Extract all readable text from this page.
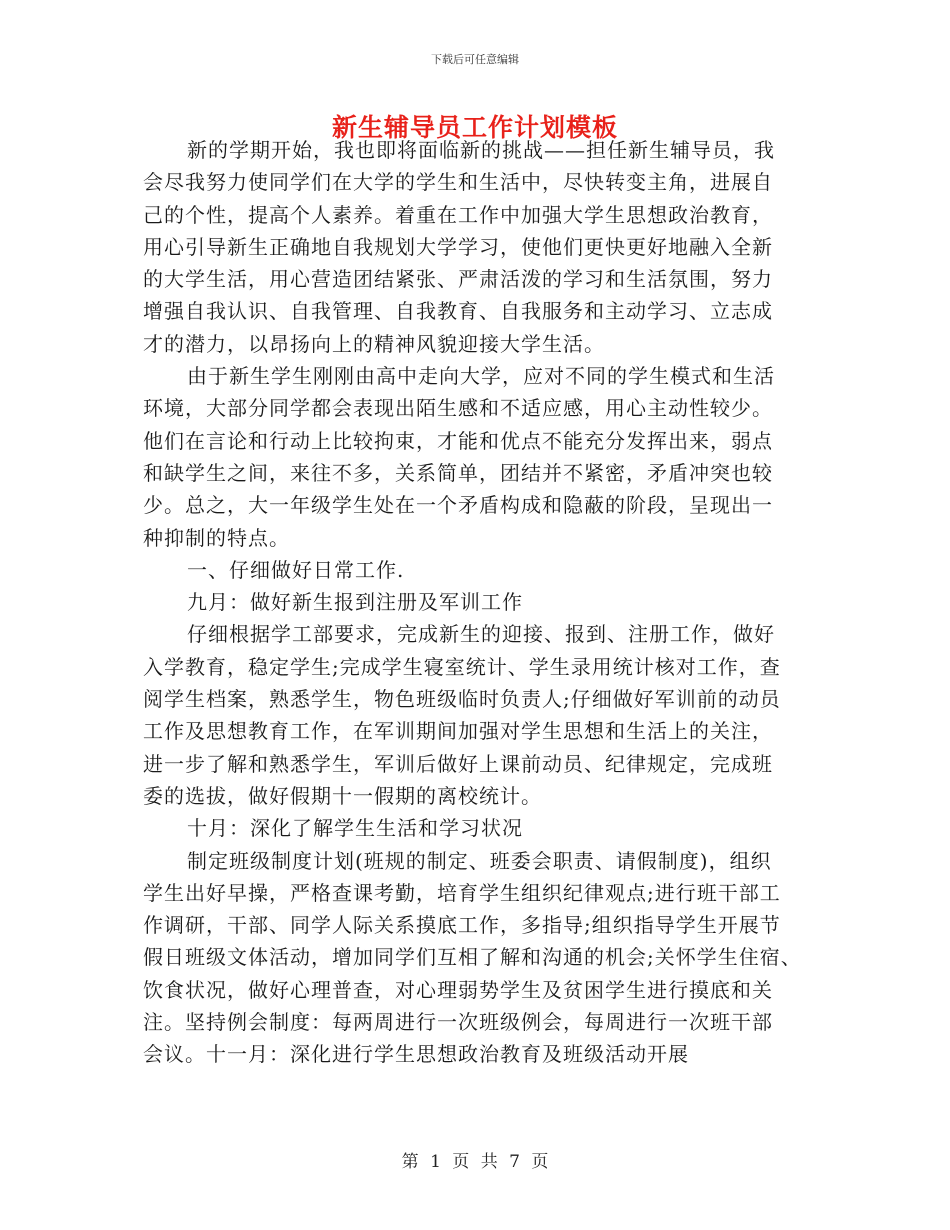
下载后可任意编辑
新生辅导员工作计划模板
新的学期开始，我也即将面临新的挑战——担任新生辅导员，我
会尽我努力使同学们在大学的学生和生活中，尽快转变主角，进展自
己的个性，提高个人素养。着重在工作中加强大学生思想政治教育，
用心引导新生正确地自我规划大学学习，使他们更快更好地融入全新
的大学生活，用心营造团结紧张、严肃活泼的学习和生活氛围，努力
增强自我认识、自我管理、自我教育、自我服务和主动学习、立志成
才的潜力，以昂扬向上的精神风貌迎接大学生活。
由于新生学生刚刚由高中走向大学，应对不同的学生模式和生活
环境，大部分同学都会表现出陌生感和不适应感，用心主动性较少。
他们在言论和行动上比较拘束，才能和优点不能充分发挥出来，弱点
和缺学生之间，来往不多，关系简单，团结并不紧密，矛盾冲突也较
少。总之，大一年级学生处在一个矛盾构成和隐蔽的阶段，呈现出一
种抑制的特点。
一、仔细做好日常工作.
九月：做好新生报到注册及军训工作
仔细根据学工部要求，完成新生的迎接、报到、注册工作，做好
入学教育，稳定学生;完成学生寝室统计、学生录用统计核对工作，查
阅学生档案，熟悉学生，物色班级临时负责人;仔细做好军训前的动员
工作及思想教育工作，在军训期间加强对学生思想和生活上的关注，
进一步了解和熟悉学生，军训后做好上课前动员、纪律规定，完成班
委的选拔，做好假期十一假期的离校统计。
十月：深化了解学生生活和学习状况
制定班级制度计划(班规的制定、班委会职责、请假制度)，组织
学生出好早操，严格查课考勤，培育学生组织纪律观点;进行班干部工
作调研，干部、同学人际关系摸底工作，多指导;组织指导学生开展节
假日班级文体活动，增加同学们互相了解和沟通的机会;关怀学生住宿、
饮食状况，做好心理普查，对心理弱势学生及贫困学生进行摸底和关
注。坚持例会制度：每两周进行一次班级例会，每周进行一次班干部
会议。十一月：深化进行学生思想政治教育及班级活动开展
第 1 页 共 7 页
